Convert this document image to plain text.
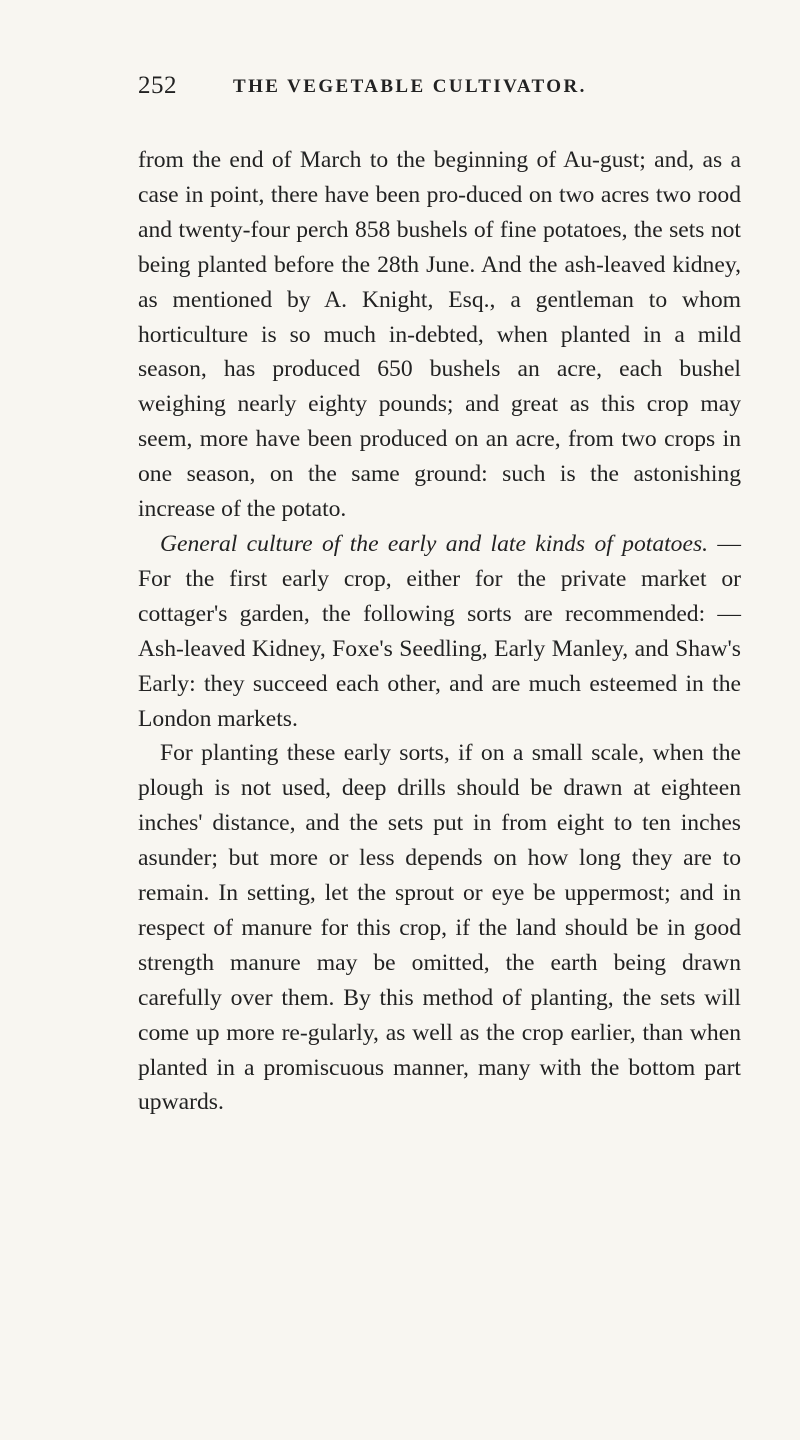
252	THE VEGETABLE CULTIVATOR.

from the end of March to the beginning of Au-gust; and, as a case in point, there have been pro-duced on two acres two rood and twenty-four perch 858 bushels of fine potatoes, the sets not being planted before the 28th June. And the ash-leaved kidney, as mentioned by A. Knight, Esq., a gentleman to whom horticulture is so much in-debted, when planted in a mild season, has produced 650 bushels an acre, each bushel weighing nearly eighty pounds; and great as this crop may seem, more have been produced on an acre, from two crops in one season, on the same ground: such is the astonishing increase of the potato.

General culture of the early and late kinds of potatoes. — For the first early crop, either for the private market or cottager's garden, the following sorts are recommended: — Ash-leaved Kidney, Foxe's Seedling, Early Manley, and Shaw's Early: they succeed each other, and are much esteemed in the London markets.

For planting these early sorts, if on a small scale, when the plough is not used, deep drills should be drawn at eighteen inches' distance, and the sets put in from eight to ten inches asunder; but more or less depends on how long they are to remain. In setting, let the sprout or eye be uppermost; and in respect of manure for this crop, if the land should be in good strength manure may be omitted, the earth being drawn carefully over them. By this method of planting, the sets will come up more re-gularly, as well as the crop earlier, than when planted in a promiscuous manner, many with the bottom part upwards.
